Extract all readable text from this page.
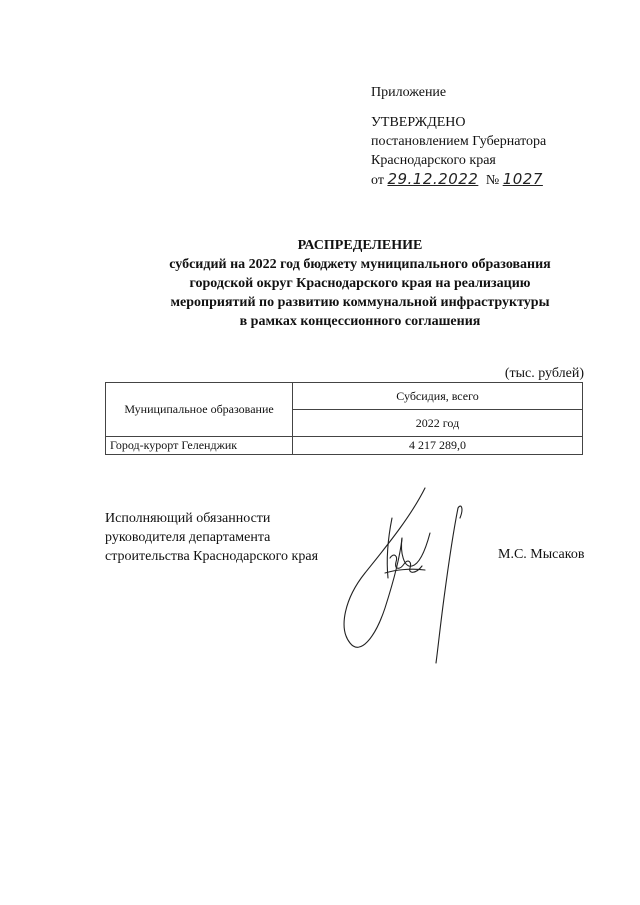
Приложение
УТВЕРЖДЕНО
постановлением Губернатора
Краснодарского края
от 29.12.2022 № 1027
РАСПРЕДЕЛЕНИЕ
субсидий на 2022 год бюджету муниципального образования
городской округ Краснодарского края на реализацию
мероприятий по развитию коммунальной инфраструктуры
в рамках концессионного соглашения
(тыс. рублей)
Муниципальное образование	Субсидия, всего
	2022 год
Город-курорт Геленджик	4 217 289,0
Исполняющий обязанности
руководителя департамента
строительства Краснодарского края	М.С. Мысаков
